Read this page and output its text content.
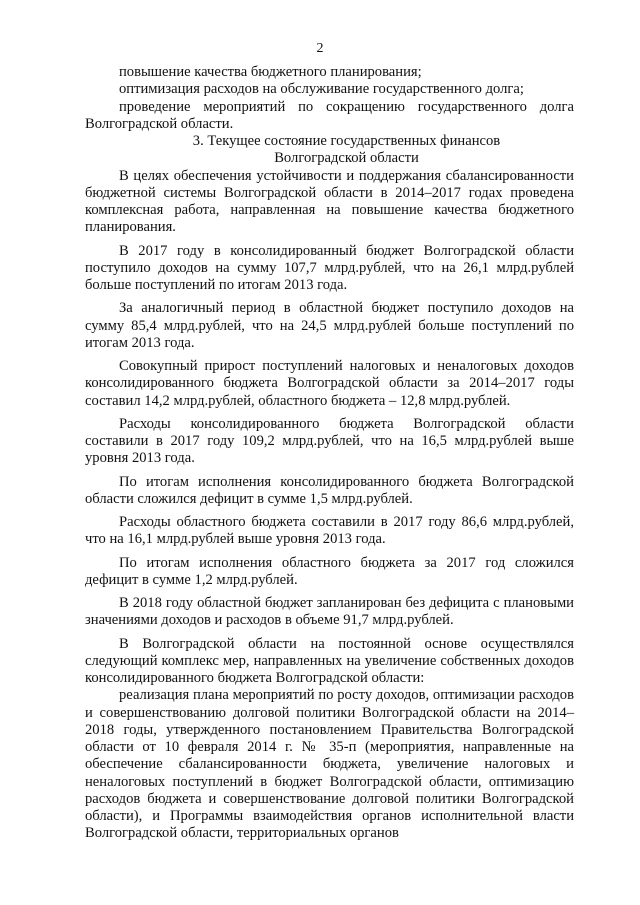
2

повышение качества бюджетного планирования;

оптимизация расходов на обслуживание государственного долга;

проведение мероприятий по сокращению государственного долга Волгоградской области.

3. Текущее состояние государственных финансов
Волгоградской области

В целях обеспечения устойчивости и поддержания сбалансированности бюджетной системы Волгоградской области в 2014–2017 годах проведена комплексная работа, направленная на повышение качества бюджетного планирования.

В 2017 году в консолидированный бюджет Волгоградской области поступило доходов на сумму 107,7 млрд.рублей, что на 26,1 млрд.рублей больше поступлений по итогам 2013 года.

За аналогичный период в областной бюджет поступило доходов на сумму 85,4 млрд.рублей, что на 24,5 млрд.рублей больше поступлений по итогам 2013 года.

Совокупный прирост поступлений налоговых и неналоговых доходов консолидированного бюджета Волгоградской области за 2014–2017 годы составил 14,2 млрд.рублей, областного бюджета – 12,8 млрд.рублей.

Расходы консолидированного бюджета Волгоградской области составили в 2017 году 109,2 млрд.рублей, что на 16,5 млрд.рублей выше уровня 2013 года.

По итогам исполнения консолидированного бюджета Волгоградской области сложился дефицит в сумме 1,5 млрд.рублей.

Расходы областного бюджета составили в 2017 году 86,6 млрд.рублей, что на 16,1 млрд.рублей выше уровня 2013 года.

По итогам исполнения областного бюджета за 2017 год сложился дефицит в сумме 1,2 млрд.рублей.

В 2018 году областной бюджет запланирован без дефицита с плановыми значениями доходов и расходов в объеме 91,7 млрд.рублей.

В Волгоградской области на постоянной основе осуществлялся следующий комплекс мер, направленных на увеличение собственных доходов консолидированного бюджета Волгоградской области:

реализация плана мероприятий по росту доходов, оптимизации расходов и совершенствованию долговой политики Волгоградской области на 2014–2018 годы, утвержденного постановлением Правительства Волгоградской области от 10 февраля 2014 г. № 35-п (мероприятия, направленные на обеспечение сбалансированности бюджета, увеличение налоговых и неналоговых поступлений в бюджет Волгоградской области, оптимизацию расходов бюджета и совершенствование долговой политики Волгоградской области), и Программы взаимодействия органов исполнительной власти Волгоградской области, территориальных органов
